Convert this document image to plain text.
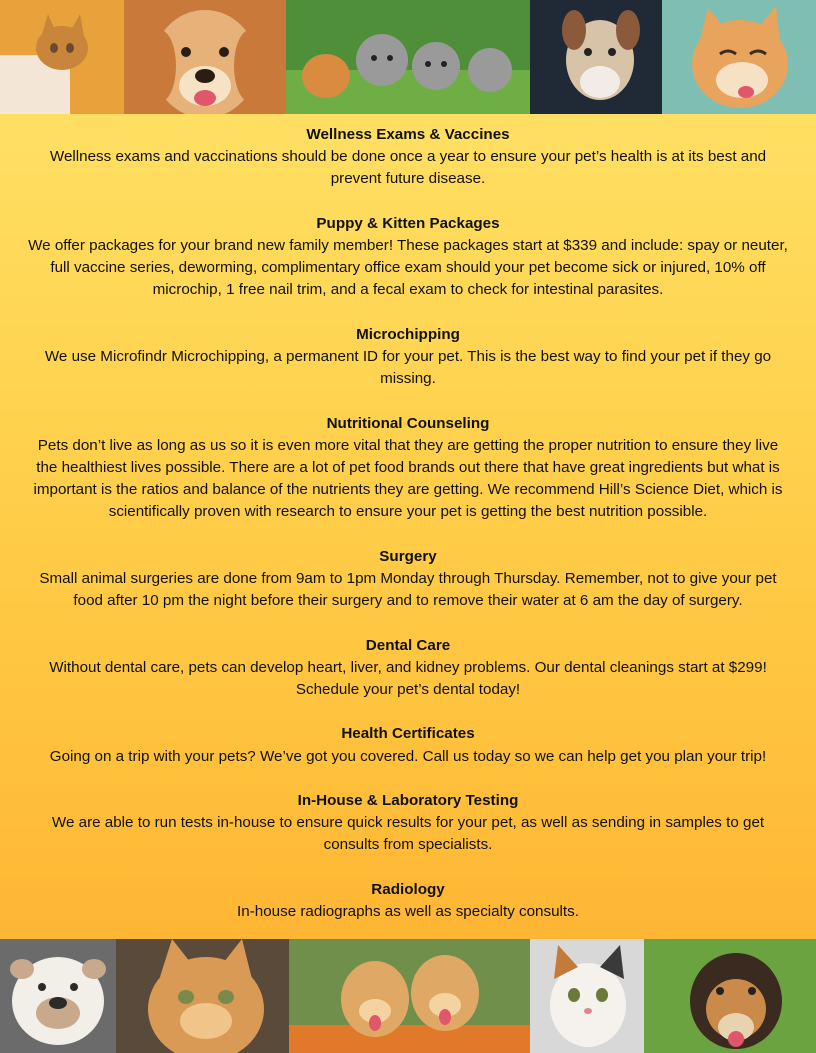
Wellness Exams & Vaccines

Wellness exams and vaccinations should be done once a year to ensure your pet’s health is at its best and
prevent future disease.

Puppy & Kitten Packages

We offer packages for your brand new family member! These packages start at $339 and include: spay or neuter,
full vaccine series, deworming, complimentary office exam should your pet become sick or injured, 10% off
microchip, 1 free nail trim, and a fecal exam to check for intestinal parasites.

Microchipping

We use Microfindr Microchipping, a permanent ID for your pet. This is the best way to find your pet if they go
missing.

Nutritional Counseling

Pets don’t live as long as us so it is even more vital that they are getting the proper nutrition to ensure they live
the healthiest lives possible. There are a lot of pet food brands out there that have great ingredients but what is
important is the ratios and balance of the nutrients they are getting. We recommend Hill’s Science Diet, which is
scientifically proven with research to ensure your pet is getting the best nutrition possible.

Surgery

Small animal surgeries are done from 9am to 1pm Monday through Thursday. Remember, not to give your pet
food after 10 pm the night before their surgery and to remove their water at 6 am the day of surgery.

Dental Care

Without dental care, pets can develop heart, liver, and kidney problems. Our dental cleanings start at $299!
Schedule your pet’s dental today!

Health Certificates

Going on a trip with your pets? We’ve got you covered. Call us today so we can help get you plan your trip!

In-House & Laboratory Testing

We are able to run tests in-house to ensure quick results for your pet, as well as sending in samples to get
consults from specialists.

Radiology

In-house radiographs as well as specialty consults.
